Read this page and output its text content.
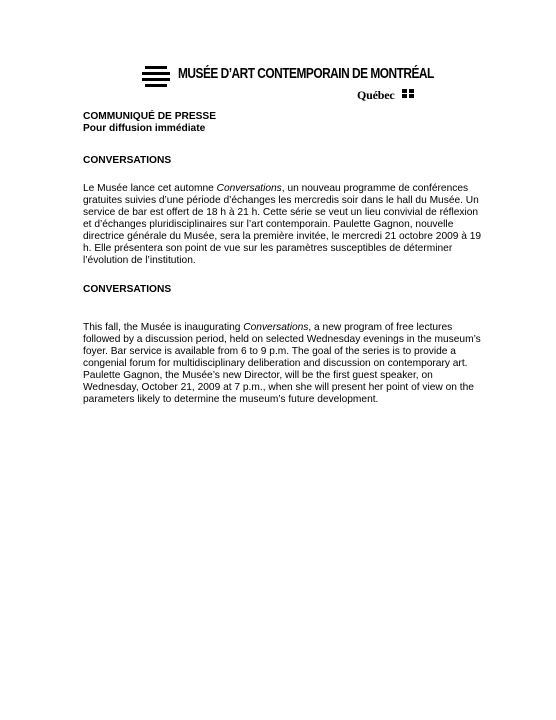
MUSÉE D’ART CONTEMPORAIN DE MONTRÉAL
Québec
COMMUNIQUÉ DE PRESSE
Pour diffusion immédiate
CONVERSATIONS

Le Musée lance cet automne Conversations, un nouveau programme de conférences
gratuites suivies d’une période d’échanges les mercredis soir dans le hall du Musée. Un
service de bar est offert de 18 h à 21 h. Cette série se veut un lieu convivial de réflexion
et d’échanges pluridisciplinaires sur l’art contemporain. Paulette Gagnon, nouvelle
directrice générale du Musée, sera la première invitée, le mercredi 21 octobre 2009 à 19
h. Elle présentera son point de vue sur les paramètres susceptibles de déterminer
l’évolution de l’institution.

CONVERSATIONS

This fall, the Musée is inaugurating Conversations, a new program of free lectures
followed by a discussion period, held on selected Wednesday evenings in the museum’s
foyer. Bar service is available from 6 to 9 p.m. The goal of the series is to provide a
congenial forum for multidisciplinary deliberation and discussion on contemporary art.
Paulette Gagnon, the Musée’s new Director, will be the first guest speaker, on
Wednesday, October 21, 2009 at 7 p.m., when she will present her point of view on the
parameters likely to determine the museum’s future development.
